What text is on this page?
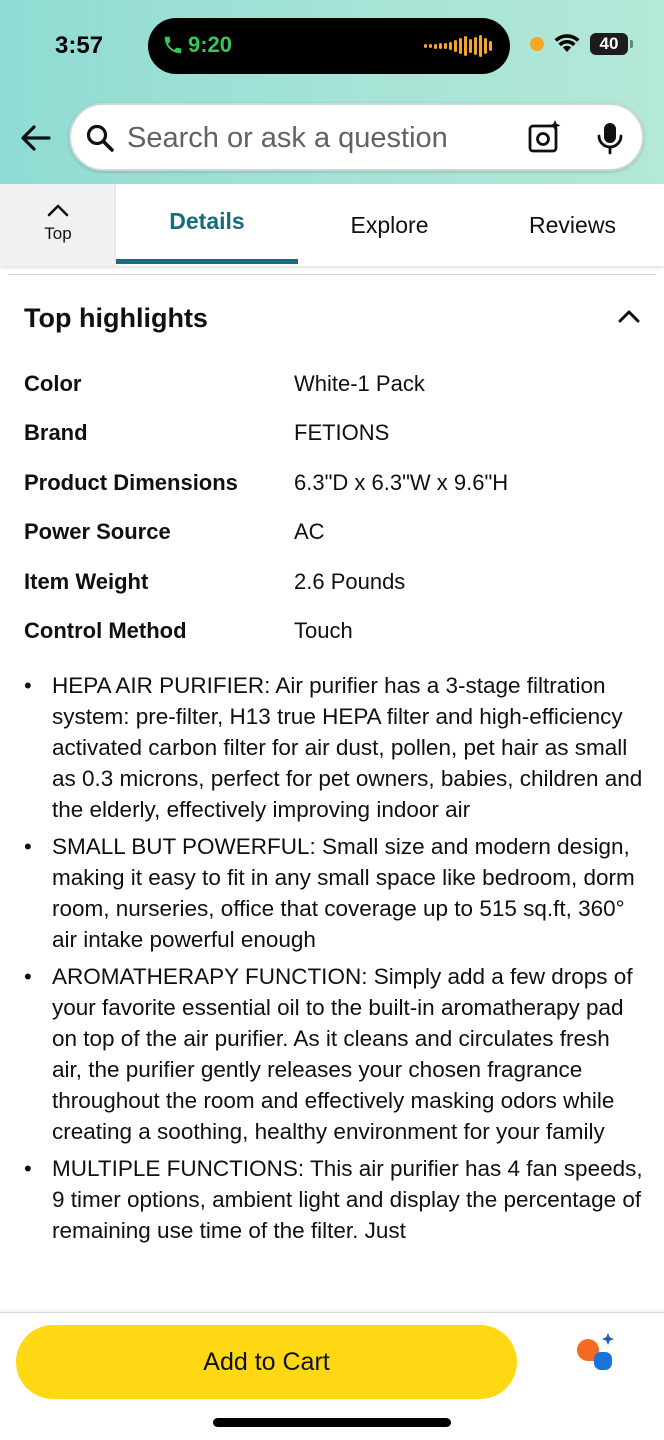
3:57	9:20	40
Search or ask a question
Top	Details	Explore	Reviews
Top highlights
Color	White-1 Pack
Brand	FETIONS
Product Dimensions	6.3"D x 6.3"W x 9.6"H
Power Source	AC
Item Weight	2.6 Pounds
Control Method	Touch
• HEPA AIR PURIFIER: Air purifier has a 3-stage filtration system: pre-filter, H13 true HEPA filter and high-efficiency activated carbon filter for air dust, pollen, pet hair as small as 0.3 microns, perfect for pet owners, babies, children and the elderly, effectively improving indoor air
• SMALL BUT POWERFUL: Small size and modern design, making it easy to fit in any small space like bedroom, dorm room, nurseries, office that coverage up to 515 sq.ft, 360° air intake powerful enough
• AROMATHERAPY FUNCTION: Simply add a few drops of your favorite essential oil to the built-in aromatherapy pad on top of the air purifier. As it cleans and circulates fresh air, the purifier gently releases your chosen fragrance throughout the room and effectively masking odors while creating a soothing, healthy environment for your family
• MULTIPLE FUNCTIONS: This air purifier has 4 fan speeds, 9 timer options, ambient light and display the percentage of remaining use time of the filter. Just
Add to Cart
